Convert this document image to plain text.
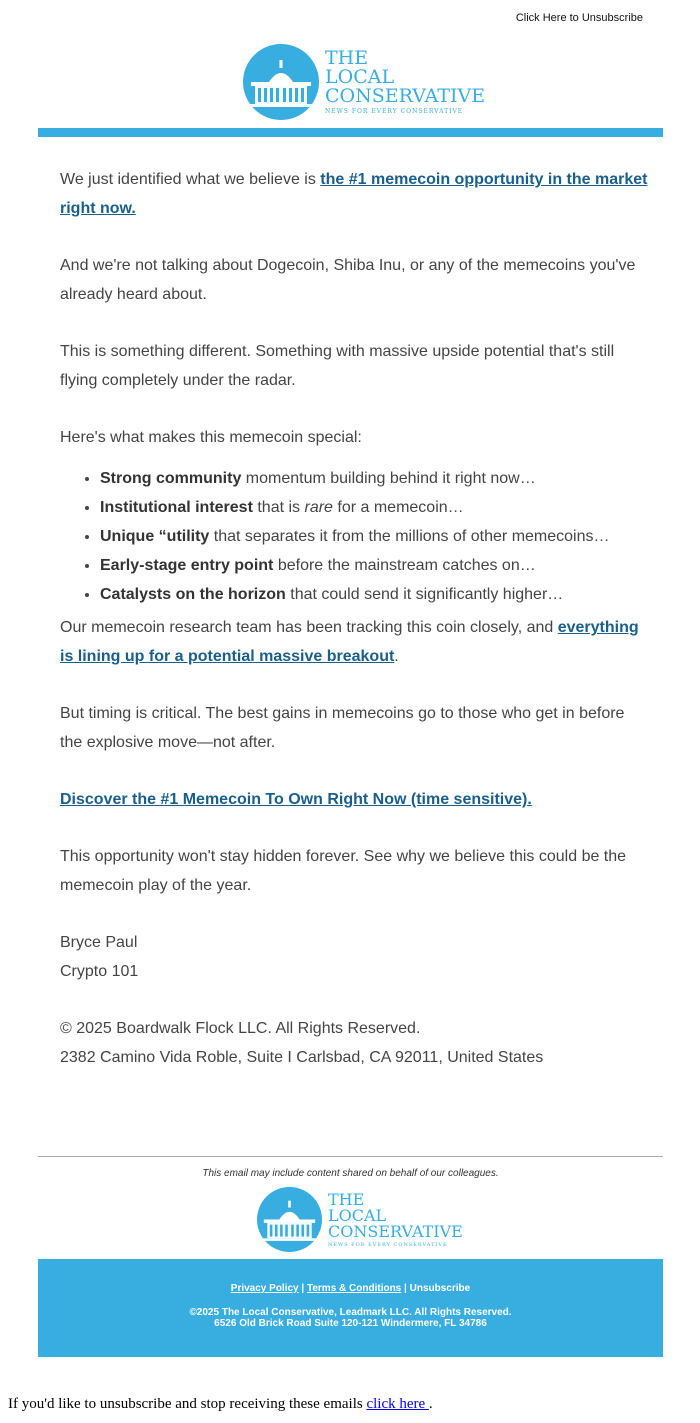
Click Here to Unsubscribe
THE
LOCAL
CONSERVATIVE
NEWS FOR EVERY CONSERVATIVE

We just identified what we believe is the #1 memecoin opportunity in the market right now.

And we're not talking about Dogecoin, Shiba Inu, or any of the memecoins you've already heard about.

This is something different. Something with massive upside potential that's still flying completely under the radar.

Here's what makes this memecoin special:

• Strong community momentum building behind it right now…
• Institutional interest that is rare for a memecoin…
• Unique “utility that separates it from the millions of other memecoins…
• Early-stage entry point before the mainstream catches on…
• Catalysts on the horizon that could send it significantly higher…

Our memecoin research team has been tracking this coin closely, and everything is lining up for a potential massive breakout.

But timing is critical. The best gains in memecoins go to those who get in before the explosive move—not after.

Discover the #1 Memecoin To Own Right Now (time sensitive).

This opportunity won't stay hidden forever. See why we believe this could be the memecoin play of the year.

Bryce Paul
Crypto 101

© 2025 Boardwalk Flock LLC. All Rights Reserved.
2382 Camino Vida Roble, Suite I Carlsbad, CA 92011, United States

This email may include content shared on behalf of our colleagues.
THE
LOCAL
CONSERVATIVE
NEWS FOR EVERY CONSERVATIVE
Privacy Policy | Terms & Conditions | Unsubscribe
©2025 The Local Conservative, Leadmark LLC. All Rights Reserved.
6526 Old Brick Road Suite 120-121 Windermere, FL 34786
If you'd like to unsubscribe and stop receiving these emails click here .
